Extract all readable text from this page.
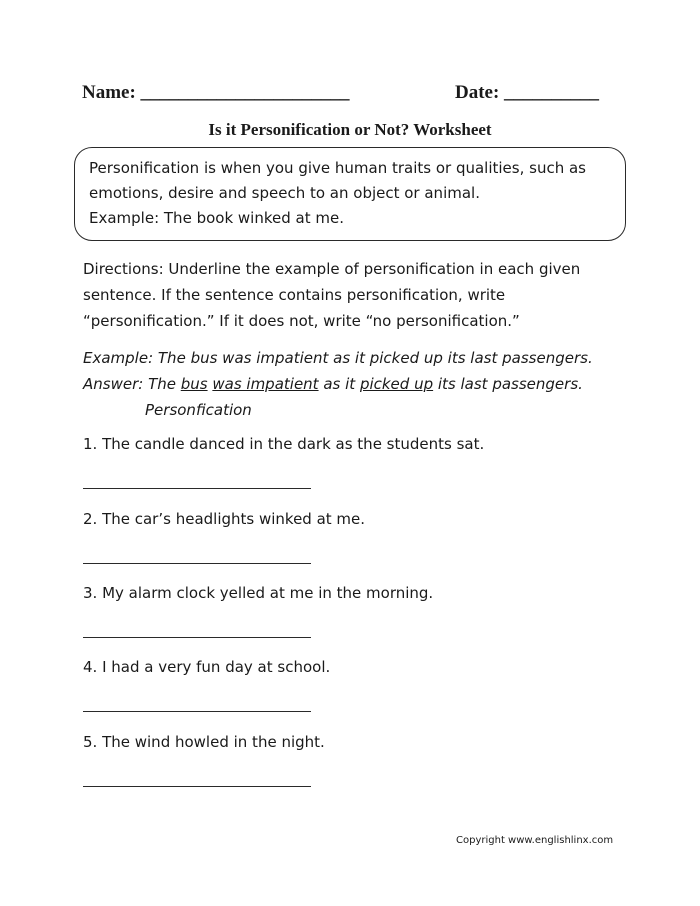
Name: ______________________	Date: __________
Is it Personification or Not? Worksheet
Personification is when you give human traits or qualities, such as
emotions, desire and speech to an object or animal.
Example: The book winked at me.
Directions: Underline the example of personification in each given
sentence. If the sentence contains personification, write
“personification.” If it does not, write “no personification.”
Example: The bus was impatient as it picked up its last passengers.
Answer: The bus was impatient as it picked up its last passengers.
Personfication
1. The candle danced in the dark as the students sat.
2. The car’s headlights winked at me.
3. My alarm clock yelled at me in the morning.
4. I had a very fun day at school.
5. The wind howled in the night.
Copyright www.englishlinx.com
